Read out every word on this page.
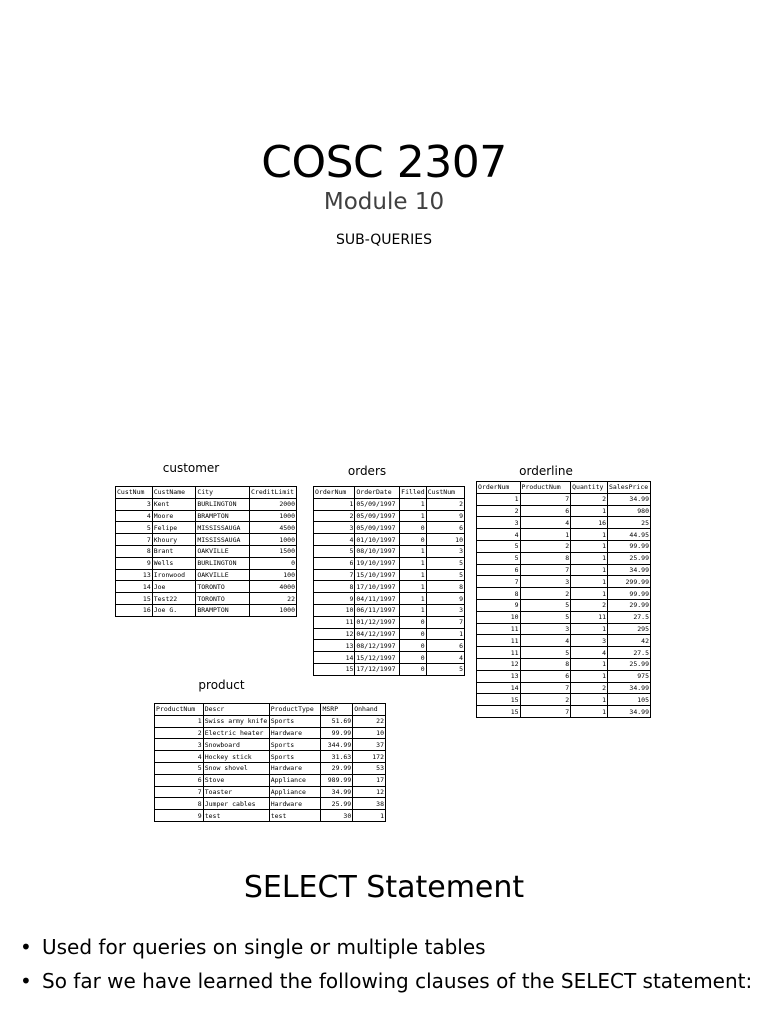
COSC 2307
Module 10
SUB-QUERIES
customer
CustNum	CustName	City	CreditLimit
3	Kent	BURLINGTON	2000
4	Moore	BRAMPTON	1000
5	Felipe	MISSISSAUGA	4500
7	Khoury	MISSISSAUGA	1000
8	Brant	OAKVILLE	1500
9	Wells	BURLINGTON	0
13	Ironwood	OAKVILLE	100
14	Joe	TORONTO	4000
15	Test22	TORONTO	22
16	Joe G.	BRAMPTON	1000
orders
OrderNum	OrderDate	Filled	CustNum
1	05/09/1997	1	2
2	05/09/1997	1	9
3	05/09/1997	0	6
4	01/10/1997	0	10
5	08/10/1997	1	3
6	19/10/1997	1	5
7	15/10/1997	1	5
8	17/10/1997	1	8
9	04/11/1997	1	9
10	06/11/1997	1	3
11	01/12/1997	0	7
12	04/12/1997	0	1
13	08/12/1997	0	6
14	15/12/1997	0	4
15	17/12/1997	0	5
orderline
OrderNum	ProductNum	Quantity	SalesPrice
1	7	2	34.99
2	6	1	980
3	4	16	25
4	1	1	44.95
5	2	1	99.99
5	8	1	25.99
6	7	1	34.99
7	3	1	299.99
8	2	1	99.99
9	5	2	29.99
10	5	11	27.5
11	3	1	295
11	4	3	42
11	5	4	27.5
12	8	1	25.99
13	6	1	975
14	7	2	34.99
15	2	1	105
15	7	1	34.99
product
ProductNum	Descr	ProductType	MSRP	Onhand
1	Swiss army knife	Sports	51.69	22
2	Electric heater	Hardware	99.99	10
3	Snowboard	Sports	344.99	37
4	Hockey stick	Sports	31.63	172
5	Snow shovel	Hardware	29.99	53
6	Stove	Appliance	989.99	17
7	Toaster	Appliance	34.99	12
8	Jumper cables	Hardware	25.99	38
9	test	test	30	1
SELECT Statement
• Used for queries on single or multiple tables
• So far we have learned the following clauses of the SELECT statement:
